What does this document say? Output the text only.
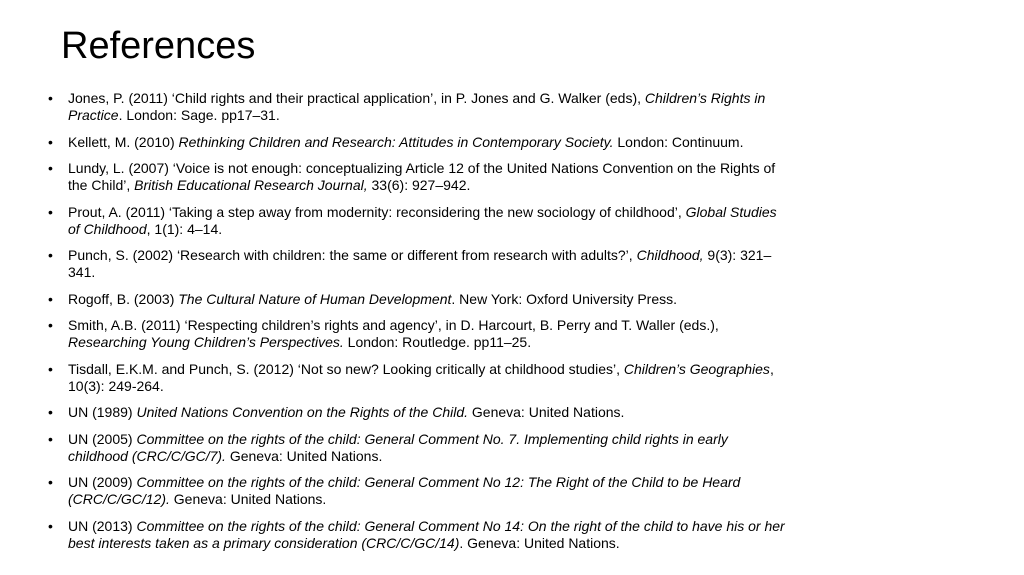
References
• Jones, P. (2011) ‘Child rights and their practical application’, in P. Jones and G. Walker (eds), Children’s Rights in Practice. London: Sage. pp17–31.
• Kellett, M. (2010) Rethinking Children and Research: Attitudes in Contemporary Society. London: Continuum.
• Lundy, L. (2007) ‘Voice is not enough: conceptualizing Article 12 of the United Nations Convention on the Rights of the Child’, British Educational Research Journal, 33(6): 927–942.
• Prout, A. (2011) ‘Taking a step away from modernity: reconsidering the new sociology of childhood’, Global Studies of Childhood, 1(1): 4–14.
• Punch, S. (2002) ‘Research with children: the same or different from research with adults?’, Childhood, 9(3): 321–341.
• Rogoff, B. (2003) The Cultural Nature of Human Development. New York: Oxford University Press.
• Smith, A.B. (2011) ‘Respecting children’s rights and agency’, in D. Harcourt, B. Perry and T. Waller (eds.), Researching Young Children’s Perspectives. London: Routledge. pp11–25.
• Tisdall, E.K.M. and Punch, S. (2012) ‘Not so new? Looking critically at childhood studies’, Children’s Geographies, 10(3): 249-264.
• UN (1989) United Nations Convention on the Rights of the Child. Geneva: United Nations.
• UN (2005) Committee on the rights of the child: General Comment No. 7. Implementing child rights in early childhood (CRC/C/GC/7). Geneva: United Nations.
• UN (2009) Committee on the rights of the child: General Comment No 12: The Right of the Child to be Heard (CRC/C/GC/12). Geneva: United Nations.
• UN (2013) Committee on the rights of the child: General Comment No 14: On the right of the child to have his or her best interests taken as a primary consideration (CRC/C/GC/14). Geneva: United Nations.
